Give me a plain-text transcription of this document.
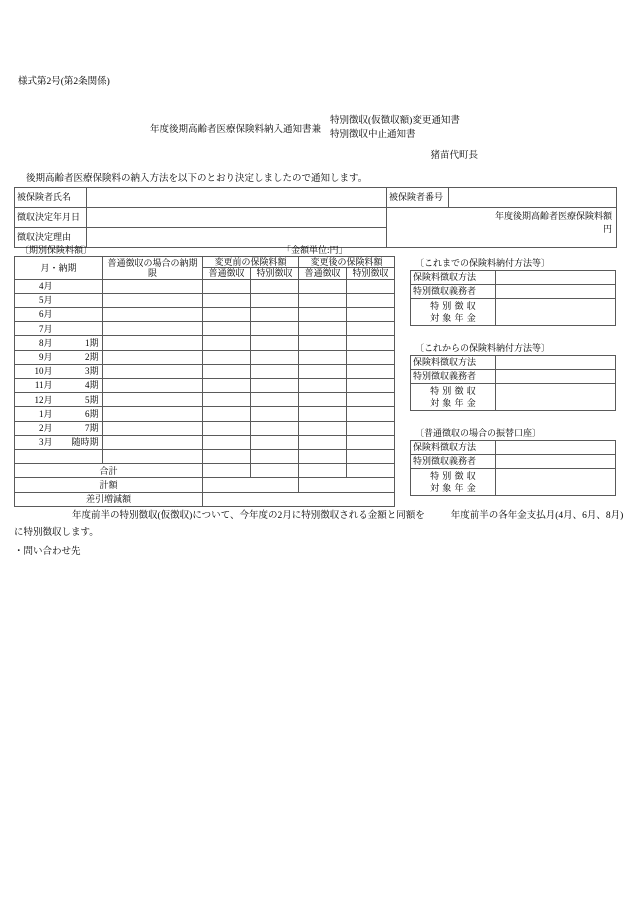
様式第2号(第2条関係)
年度後期高齢者医療保険料納入通知書兼
特別徴収(仮徴収額)変更通知書
特別徴収中止通知書
猪苗代町長
後期高齢者医療保険料の納入方法を以下のとおり決定しましたので通知します。
被保険者氏名		被保険者番号	
徴収決定年月日		年度後期高齢者医療保険料額
円	
徴収決定理由			
〔期別保険料額〕	「金額単位:円」
月・納期	普通徴収の場合の納期限	変更前の保険料額		変更後の保険料額	
		普通徴収	特別徴収	普通徴収	特別徴収
4月					
5月					
6月					
7月					
8月 1期					
9月 2期					
10月 3期					
11月 4期					
12月 5期					
1月 6期					
2月 7期					
3月 随時期					

合計					
計額					
差引増減額					
〔これまでの保険料納付方法等〕
保険料徴収方法	
特別徴収義務者	

特別徴収
対象年金	

〔これからの保険料納付方法等〕
保険料徴収方法	
特別徴収義務者	

特別徴収
対象年金	

〔普通徴収の場合の振替口座〕
保険料徴収方法	
特別徴収義務者	

特別徴収
対象年金	

年度前半の特別徴収(仮徴収)について、今年度の2月に特別徴収される金額と同額を	年度前半の各年金支払月(4月、6月、8月)に特別徴収します。
・問い合わせ先
